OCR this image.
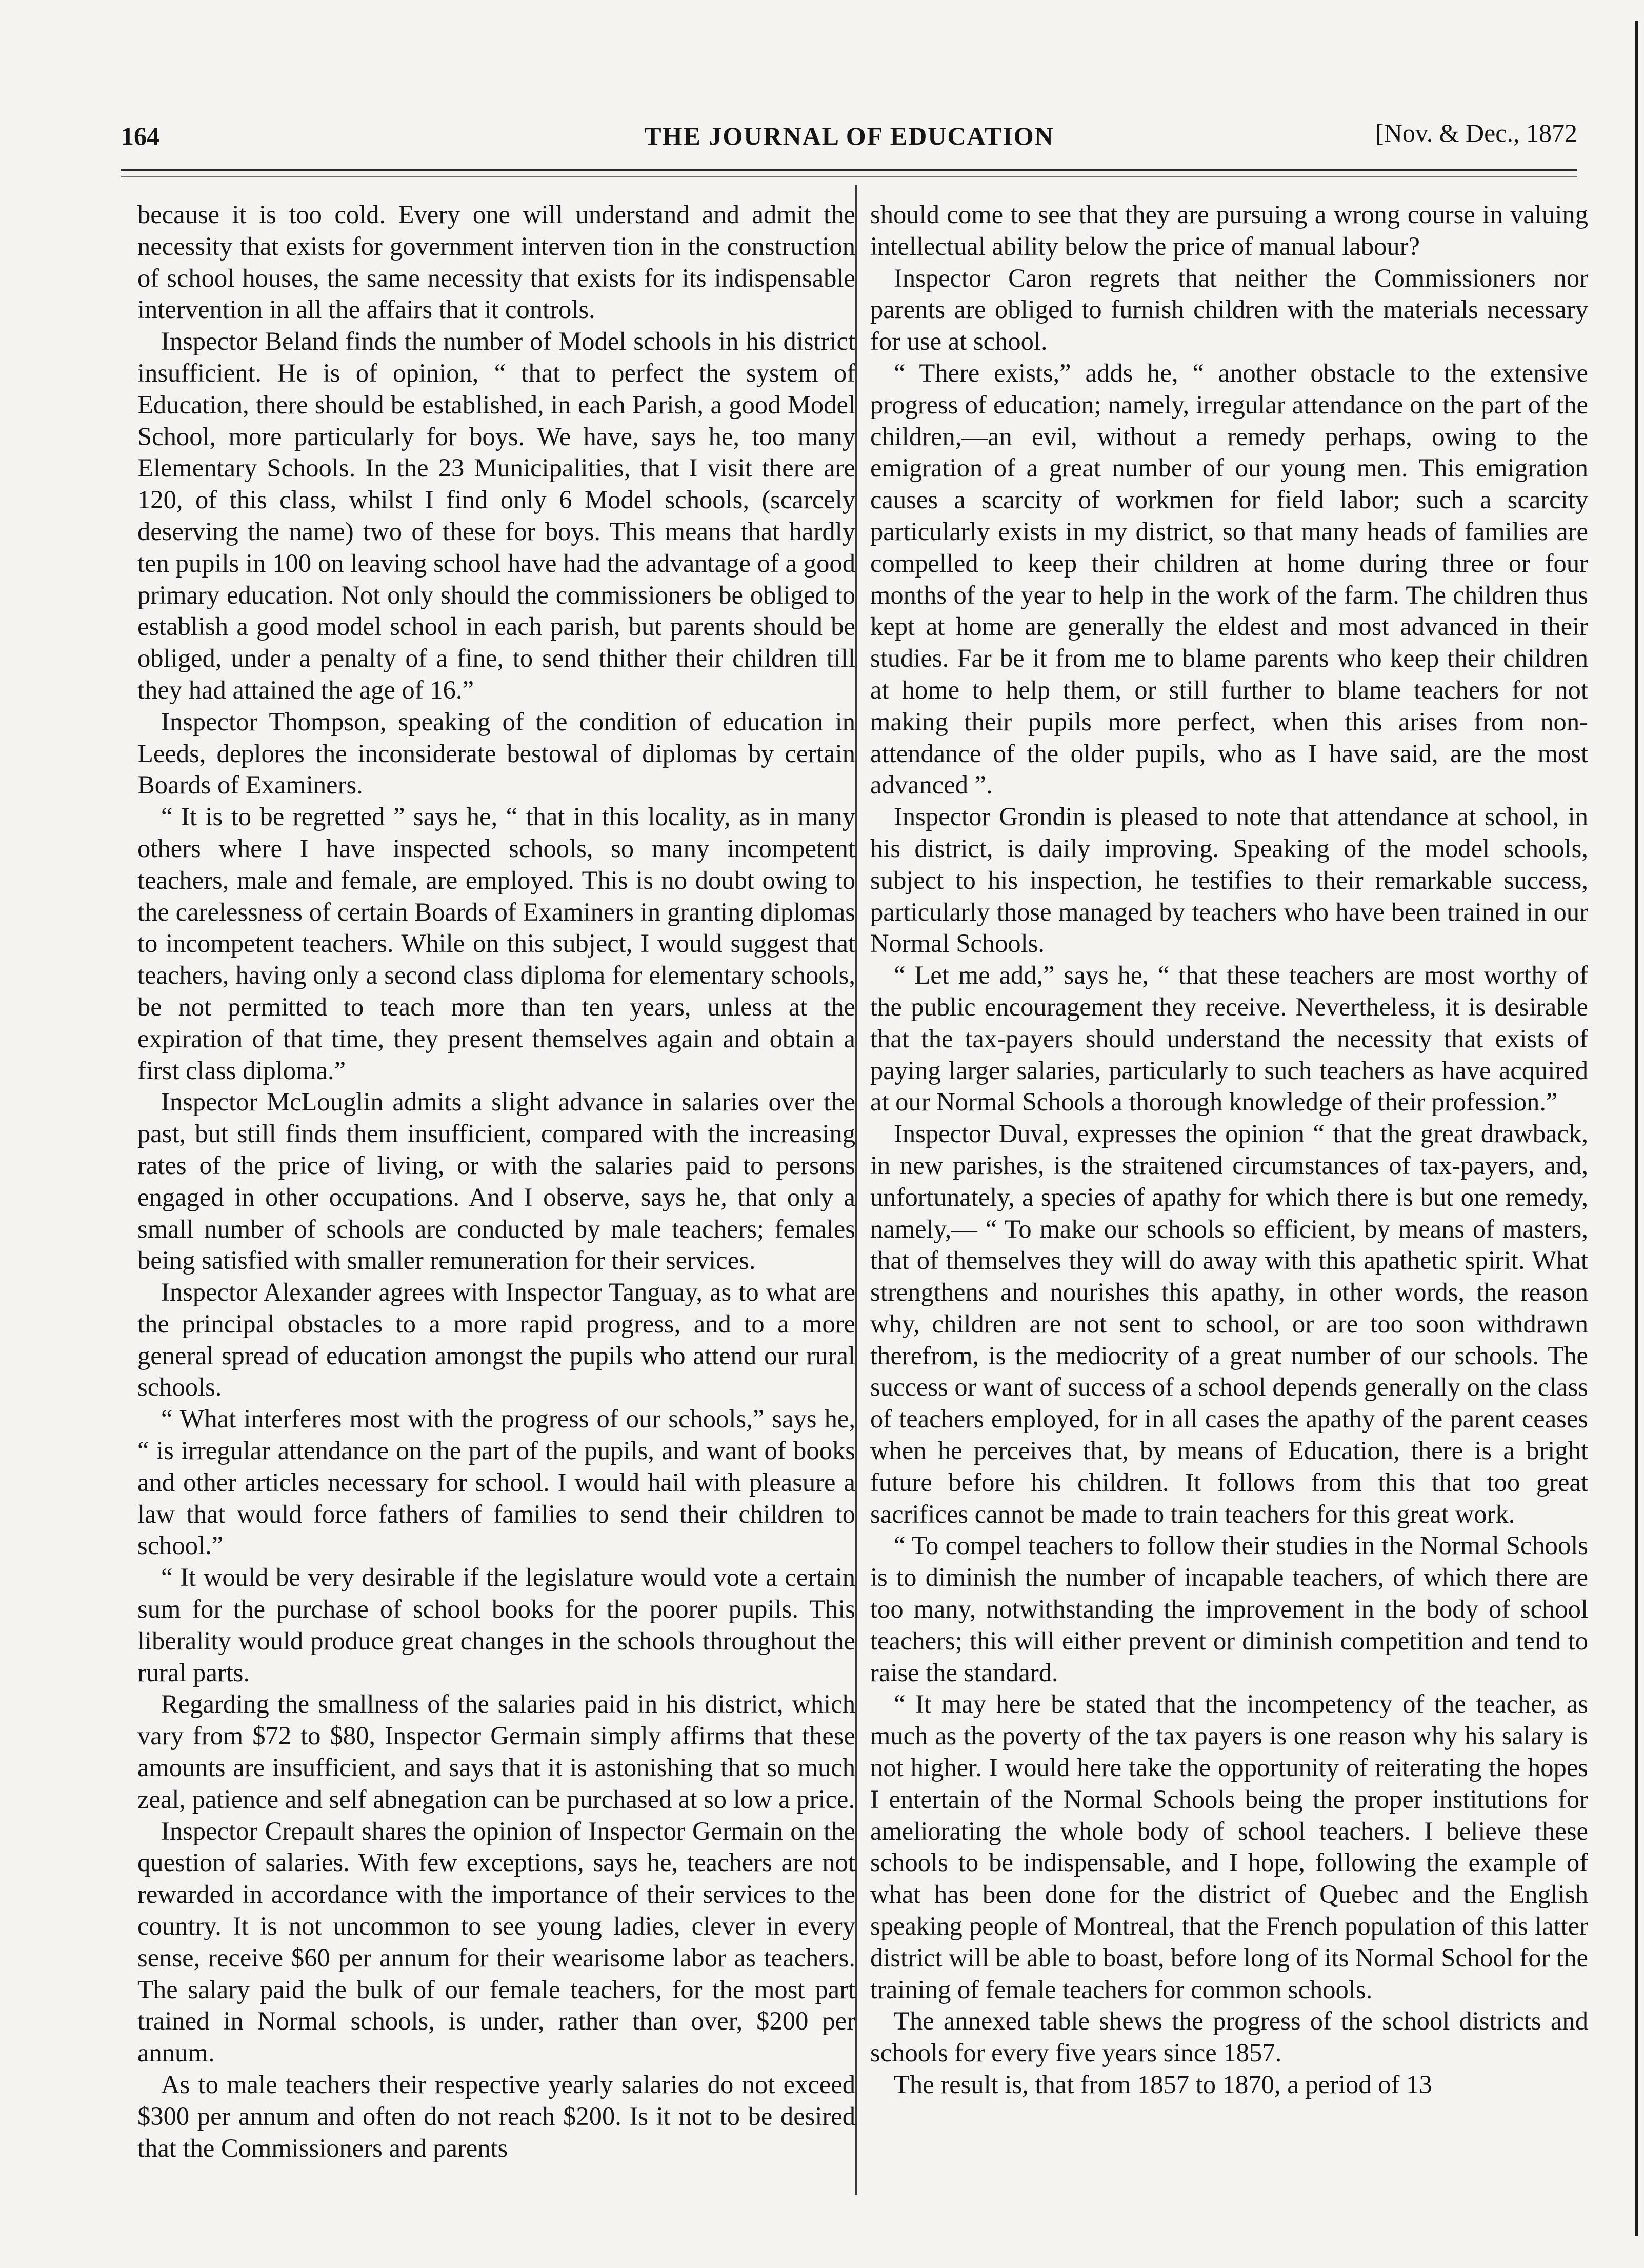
164	THE JOURNAL OF EDUCATION	[Nov. & Dec., 1872

because it is too cold. Every one will understand and admit the necessity that exists for government interven tion in the construction of school houses, the same necessity that exists for its indispensable intervention in all the affairs that it controls.

Inspector Beland finds the number of Model schools in his district insufficient. He is of opinion, “ that to perfect the system of Education, there should be established, in each Parish, a good Model School, more particularly for boys. We have, says he, too many Elementary Schools. In the 23 Municipalities, that I visit there are 120, of this class, whilst I find only 6 Model schools, (scarcely deserving the name) two of these for boys. This means that hardly ten pupils in 100 on leaving school have had the advantage of a good primary education. Not only should the commissioners be obliged to establish a good model school in each parish, but parents should be obliged, under a penalty of a fine, to send thither their children till they had attained the age of 16.”

Inspector Thompson, speaking of the condition of education in Leeds, deplores the inconsiderate bestowal of diplomas by certain Boards of Examiners.

“ It is to be regretted ” says he, “ that in this locality, as in many others where I have inspected schools, so many incompetent teachers, male and female, are employed. This is no doubt owing to the carelessness of certain Boards of Examiners in granting diplomas to incompetent teachers. While on this subject, I would suggest that teachers, having only a second class diploma for elementary schools, be not permitted to teach more than ten years, unless at the expiration of that time, they present themselves again and obtain a first class diploma.”

Inspector McLouglin admits a slight advance in salaries over the past, but still finds them insufficient, compared with the increasing rates of the price of living, or with the salaries paid to persons engaged in other occupations. And I observe, says he, that only a small number of schools are conducted by male teachers; females being satisfied with smaller remuneration for their services.

Inspector Alexander agrees with Inspector Tanguay, as to what are the principal obstacles to a more rapid progress, and to a more general spread of education amongst the pupils who attend our rural schools.

“ What interferes most with the progress of our schools,” says he, “ is irregular attendance on the part of the pupils, and want of books and other articles necessary for school. I would hail with pleasure a law that would force fathers of families to send their children to school.”

“ It would be very desirable if the legislature would vote a certain sum for the purchase of school books for the poorer pupils. This liberality would produce great changes in the schools throughout the rural parts.

Regarding the smallness of the salaries paid in his district, which vary from $72 to $80, Inspector Germain simply affirms that these amounts are insufficient, and says that it is astonishing that so much zeal, patience and self abnegation can be purchased at so low a price.

Inspector Crepault shares the opinion of Inspector Germain on the question of salaries. With few exceptions, says he, teachers are not rewarded in accordance with the importance of their services to the country. It is not uncommon to see young ladies, clever in every sense, receive $60 per annum for their wearisome labor as teachers. The salary paid the bulk of our female teachers, for the most part trained in Normal schools, is under, rather than over, $200 per annum.

As to male teachers their respective yearly salaries do not exceed $300 per annum and often do not reach $200. Is it not to be desired that the Commissioners and parents

should come to see that they are pursuing a wrong course in valuing intellectual ability below the price of manual labour?

Inspector Caron regrets that neither the Commissioners nor parents are obliged to furnish children with the materials necessary for use at school.

“ There exists,” adds he, “ another obstacle to the extensive progress of education; namely, irregular attendance on the part of the children,—an evil, without a remedy perhaps, owing to the emigration of a great number of our young men. This emigration causes a scarcity of workmen for field labor; such a scarcity particularly exists in my district, so that many heads of families are compelled to keep their children at home during three or four months of the year to help in the work of the farm. The children thus kept at home are generally the eldest and most advanced in their studies. Far be it from me to blame parents who keep their children at home to help them, or still further to blame teachers for not making their pupils more perfect, when this arises from non-attendance of the older pupils, who as I have said, are the most advanced ”.

Inspector Grondin is pleased to note that attendance at school, in his district, is daily improving. Speaking of the model schools, subject to his inspection, he testifies to their remarkable success, particularly those managed by teachers who have been trained in our Normal Schools.

“ Let me add,” says he, “ that these teachers are most worthy of the public encouragement they receive. Nevertheless, it is desirable that the tax-payers should understand the necessity that exists of paying larger salaries, particularly to such teachers as have acquired at our Normal Schools a thorough knowledge of their profession.”

Inspector Duval, expresses the opinion “ that the great drawback, in new parishes, is the straitened circumstances of tax-payers, and, unfortunately, a species of apathy for which there is but one remedy, namely,— “ To make our schools so efficient, by means of masters, that of themselves they will do away with this apathetic spirit. What strengthens and nourishes this apathy, in other words, the reason why, children are not sent to school, or are too soon withdrawn therefrom, is the mediocrity of a great number of our schools. The success or want of success of a school depends generally on the class of teachers employed, for in all cases the apathy of the parent ceases when he perceives that, by means of Education, there is a bright future before his children. It follows from this that too great sacrifices cannot be made to train teachers for this great work.

“ To compel teachers to follow their studies in the Normal Schools is to diminish the number of incapable teachers, of which there are too many, notwithstanding the improvement in the body of school teachers; this will either prevent or diminish competition and tend to raise the standard.

“ It may here be stated that the incompetency of the teacher, as much as the poverty of the tax payers is one reason why his salary is not higher. I would here take the opportunity of reiterating the hopes I entertain of the Normal Schools being the proper institutions for ameliorating the whole body of school teachers. I believe these schools to be indispensable, and I hope, following the example of what has been done for the district of Quebec and the English speaking people of Montreal, that the French population of this latter district will be able to boast, before long of its Normal School for the training of female teachers for common schools.

The annexed table shews the progress of the school districts and schools for every five years since 1857.

The result is, that from 1857 to 1870, a period of 13
